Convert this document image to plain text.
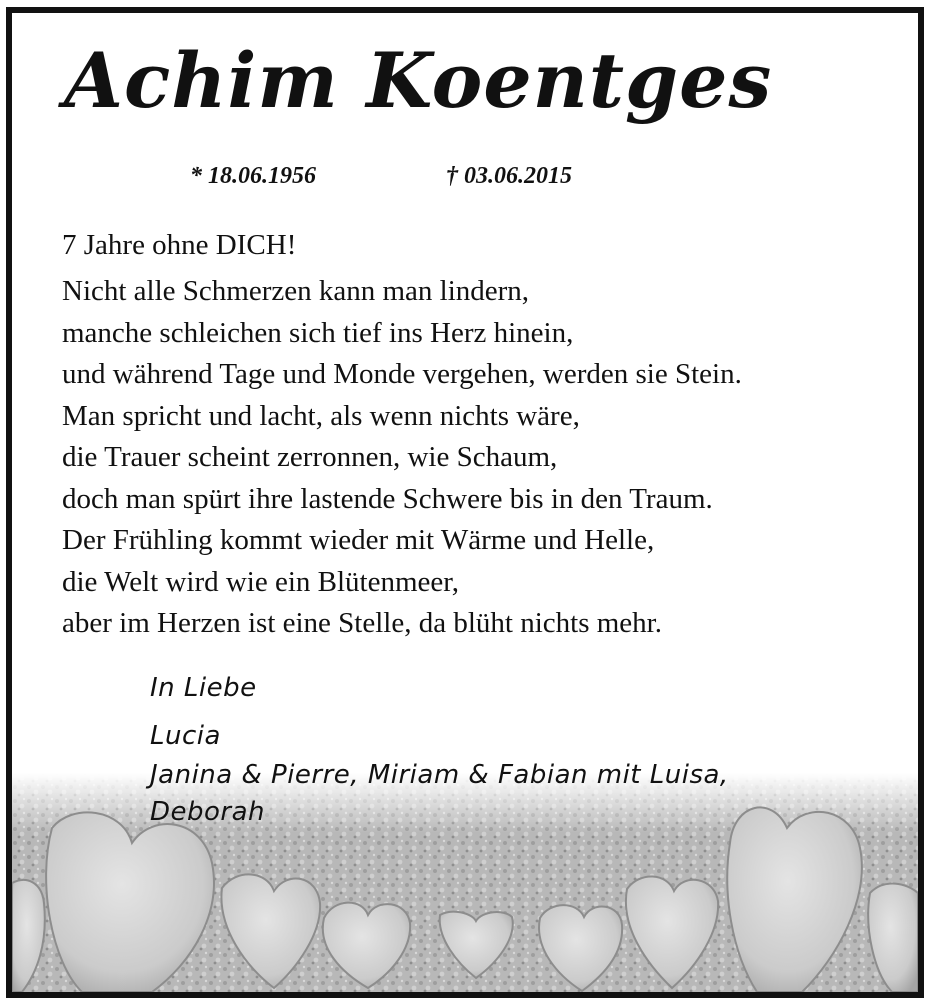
Achim Koentges
* 18.06.1956	† 03.06.2015
7 Jahre ohne DICH!
Nicht alle Schmerzen kann man lindern,
manche schleichen sich tief ins Herz hinein,
und während Tage und Monde vergehen, werden sie Stein.
Man spricht und lacht, als wenn nichts wäre,
die Trauer scheint zerronnen, wie Schaum,
doch man spürt ihre lastende Schwere bis in den Traum.
Der Frühling kommt wieder mit Wärme und Helle,
die Welt wird wie ein Blütenmeer,
aber im Herzen ist eine Stelle, da blüht nichts mehr.

In Liebe

Lucia

Janina & Pierre, Miriam & Fabian mit Luisa,

Deborah
